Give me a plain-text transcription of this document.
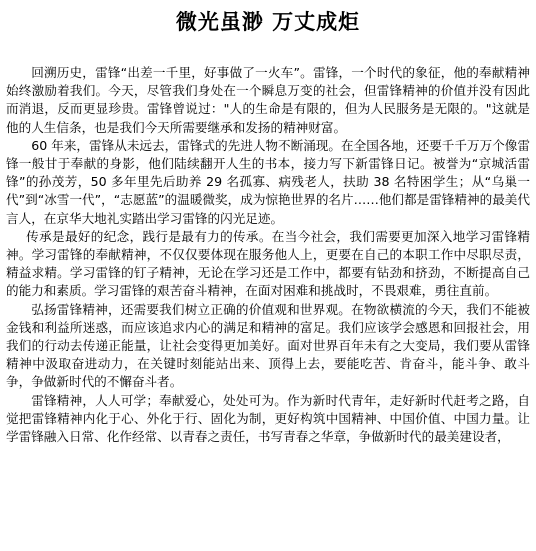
微光虽渺 万丈成炬

回溯历史，雷锋“出差一千里，好事做了一火车”。雷锋，一个时代的象征，他的奉献精神始终激励着我们。今天，尽管我们身处在一个瞬息万变的社会，但雷锋精神的价值并没有因此而消退，反而更显珍贵。雷锋曾说过："人的生命是有限的，但为人民服务是无限的。"这就是他的人生信条，也是我们今天所需要继承和发扬的精神财富。

60 年来，雷锋从未远去，雷锋式的先进人物不断涌现。在全国各地，还要千千万万个像雷锋一般甘于奉献的身影，他们陆续翻开人生的书本，接力写下新雷锋日记。被誉为“京城活雷锋”的孙茂芳，50 多年里先后助养 29 名孤寡、病残老人，扶助 38 名特困学生；从“乌巢一代”到“冰雪一代”，“志愿蓝”的温暖微奖，成为惊艳世界的名片……他们都是雷锋精神的最美代言人，在京华大地礼实踏出学习雷锋的闪光足迹。

传承是最好的纪念，践行是最有力的传承。在当今社会，我们需要更加深入地学习雷锋精神。学习雷锋的奉献精神，不仅仅要体现在服务他人上，更要在自己的本职工作中尽职尽责，精益求精。学习雷锋的钉子精神，无论在学习还是工作中，都要有钻劲和挤劲，不断提高自己的能力和素质。学习雷锋的艰苦奋斗精神，在面对困难和挑战时，不畏艰难，勇往直前。

弘扬雷锋精神，还需要我们树立正确的价值观和世界观。在物欲横流的今天，我们不能被金钱和利益所迷惑，而应该追求内心的满足和精神的富足。我们应该学会感恩和回报社会，用我们的行动去传递正能量，让社会变得更加美好。面对世界百年未有之大变局，我们要从雷锋精神中汲取奋进动力，在关键时刻能站出来、顶得上去，要能吃苦、肯奋斗，能斗争、敢斗争，争做新时代的不懈奋斗者。

雷锋精神，人人可学；奉献爱心，处处可为。作为新时代青年，走好新时代赶考之路，自觉把雷锋精神内化于心、外化于行、固化为制，更好构筑中国精神、中国价值、中国力量。让学雷锋融入日常、化作经常、以青春之责任，书写青春之华章，争做新时代的最美建设者，
